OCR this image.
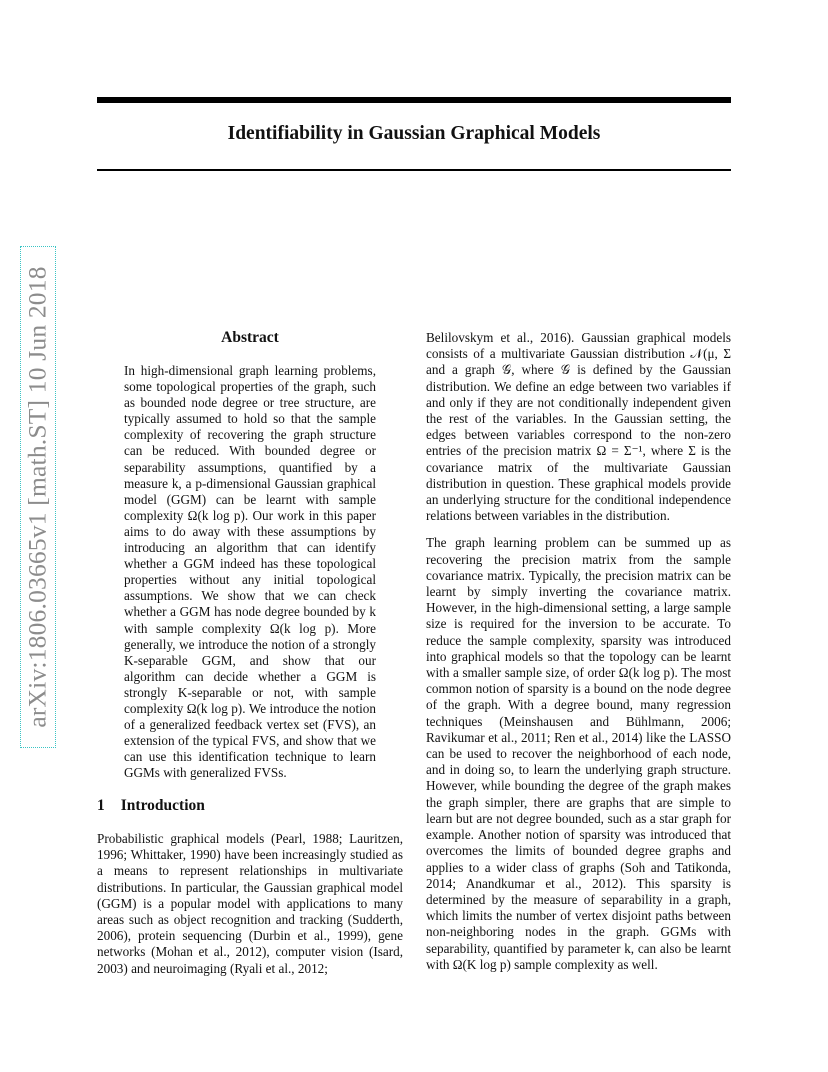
Identifiability in Gaussian Graphical Models
arXiv:1806.03665v1 [math.ST] 10 Jun 2018	Abstract

In high-dimensional graph learning problems, some topological properties of the graph, such as bounded node degree or tree structure, are typically assumed to hold so that the sample complexity of recovering the graph structure can be reduced. With bounded degree or separability assumptions, quantified by a measure k, a p-dimensional Gaussian graphical model (GGM) can be learnt with sample complexity Ω(k log p). Our work in this paper aims to do away with these assumptions by introducing an algorithm that can identify whether a GGM indeed has these topological properties without any initial topological assumptions. We show that we can check whether a GGM has node degree bounded by k with sample complexity Ω(k log p). More generally, we introduce the notion of a strongly K-separable GGM, and show that our algorithm can decide whether a GGM is strongly K-separable or not, with sample complexity Ω(k log p). We introduce the notion of a generalized feedback vertex set (FVS), an extension of the typical FVS, and show that we can use this identification technique to learn GGMs with generalized FVSs.

1 Introduction

Probabilistic graphical models (Pearl, 1988; Lauritzen, 1996; Whittaker, 1990) have been increasingly studied as a means to represent relationships in multivariate distributions. In particular, the Gaussian graphical model (GGM) is a popular model with applications to many areas such as object recognition and tracking (Sudderth, 2006), protein sequencing (Durbin et al., 1999), gene networks (Mohan et al., 2012), computer vision (Isard, 2003) and neuroimaging (Ryali et al., 2012;

Belilovskym et al., 2016). Gaussian graphical models consists of a multivariate Gaussian distribution 𝒩(μ, Σ and a graph 𝒢, where 𝒢 is defined by the Gaussian distribution. We define an edge between two variables if and only if they are not conditionally independent given the rest of the variables. In the Gaussian setting, the edges between variables correspond to the non-zero entries of the precision matrix Ω = Σ⁻¹, where Σ is the covariance matrix of the multivariate Gaussian distribution in question. These graphical models provide an underlying structure for the conditional independence relations between variables in the distribution.

The graph learning problem can be summed up as recovering the precision matrix from the sample covariance matrix. Typically, the precision matrix can be learnt by simply inverting the covariance matrix. However, in the high-dimensional setting, a large sample size is required for the inversion to be accurate. To reduce the sample complexity, sparsity was introduced into graphical models so that the topology can be learnt with a smaller sample size, of order Ω(k log p). The most common notion of sparsity is a bound on the node degree of the graph. With a degree bound, many regression techniques (Meinshausen and Bühlmann, 2006; Ravikumar et al., 2011; Ren et al., 2014) like the LASSO can be used to recover the neighborhood of each node, and in doing so, to learn the underlying graph structure. However, while bounding the degree of the graph makes the graph simpler, there are graphs that are simple to learn but are not degree bounded, such as a star graph for example. Another notion of sparsity was introduced that overcomes the limits of bounded degree graphs and applies to a wider class of graphs (Soh and Tatikonda, 2014; Anandkumar et al., 2012). This sparsity is determined by the measure of separability in a graph, which limits the number of vertex disjoint paths between non-neighboring nodes in the graph. GGMs with separability, quantified by parameter k, can also be learnt with Ω(K log p) sample complexity as well.
